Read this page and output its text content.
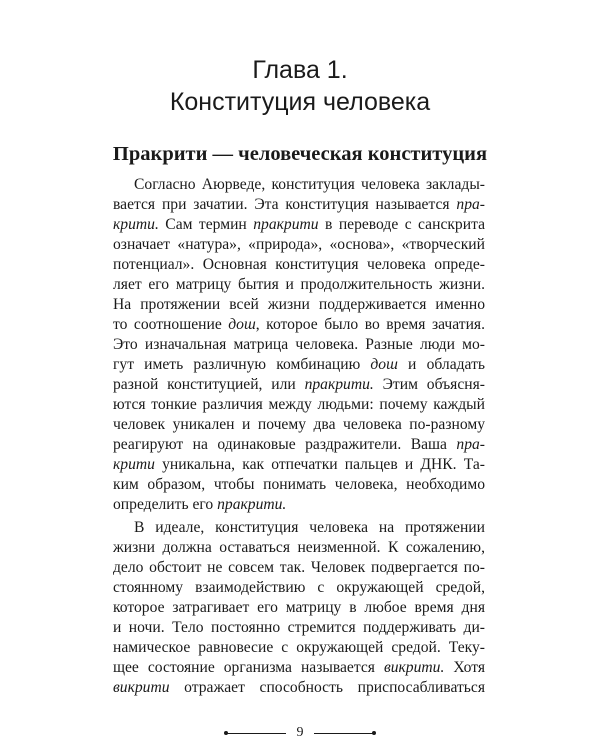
Глава 1.
Конституция человека
Пракрити — человеческая конституция

Согласно Аюрведе, конституция человека заклады-

вается при зачатии. Эта конституция называется пра-

крити. Сам термин пракрити в переводе с санскрита

означает «натура», «природа», «основа», «творческий

потенциал». Основная конституция человека опреде-

ляет его матрицу бытия и продолжительность жизни.

На протяжении всей жизни поддерживается именно

то соотношение дош, которое было во время зачатия.

Это изначальная матрица человека. Разные люди мо-

гут иметь различную комбинацию дош и обладать

разной конституцией, или пракрити. Этим объясня-

ются тонкие различия между людьми: почему каждый

человек уникален и почему два человека по-разному

реагируют на одинаковые раздражители. Ваша пра-

крити уникальна, как отпечатки пальцев и ДНК. Та-

ким образом, чтобы понимать человека, необходимо

определить его пракрити.

В идеале, конституция человека на протяжении

жизни должна оставаться неизменной. К сожалению,

дело обстоит не совсем так. Человек подвергается по-

стоянному взаимодействию с окружающей средой,

которое затрагивает его матрицу в любое время дня

и ночи. Тело постоянно стремится поддерживать ди-

намическое равновесие с окружающей средой. Теку-

щее состояние организма называется викрити. Хотя

викрити отражает способность приспосабливаться

9
